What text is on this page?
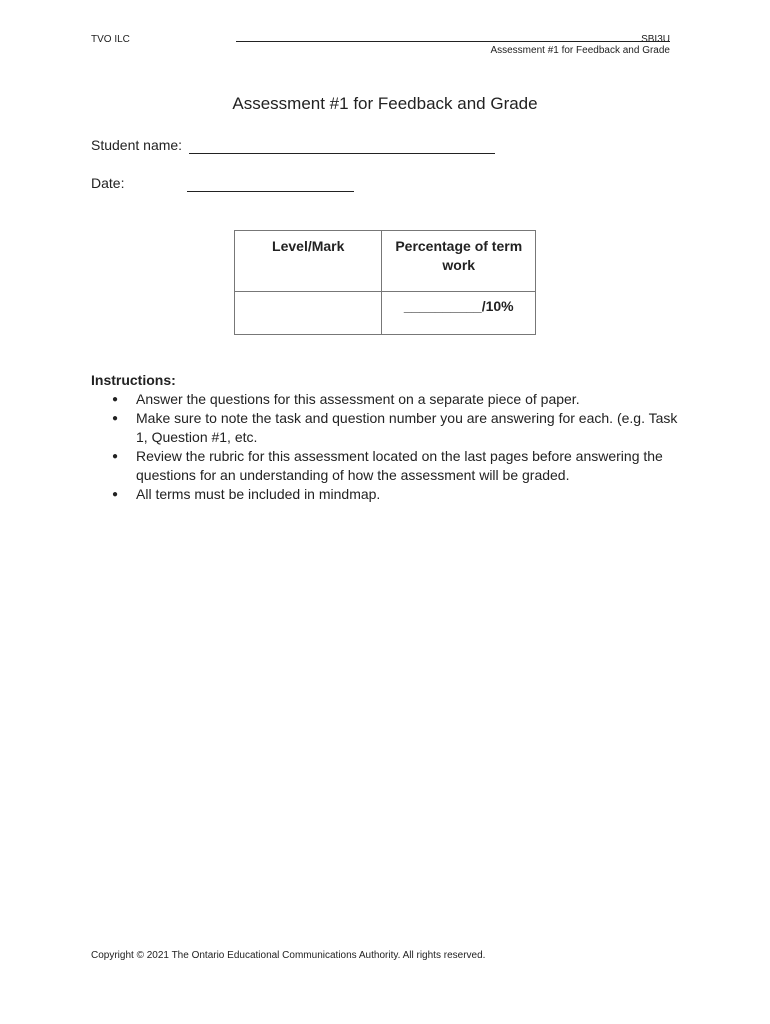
TVO ILC	SBI3U
Assessment #1 for Feedback and Grade
Assessment #1 for Feedback and Grade
Student name:
Date:
Level/Mark	Percentage of term work
	__________/10%
Instructions:
● Answer the questions for this assessment on a separate piece of paper.
● Make sure to note the task and question number you are answering for each. (e.g. Task 1, Question #1, etc.
● Review the rubric for this assessment located on the last pages before answering the questions for an understanding of how the assessment will be graded.
● All terms must be included in mindmap.
Copyright © 2021 The Ontario Educational Communications Authority. All rights reserved.
